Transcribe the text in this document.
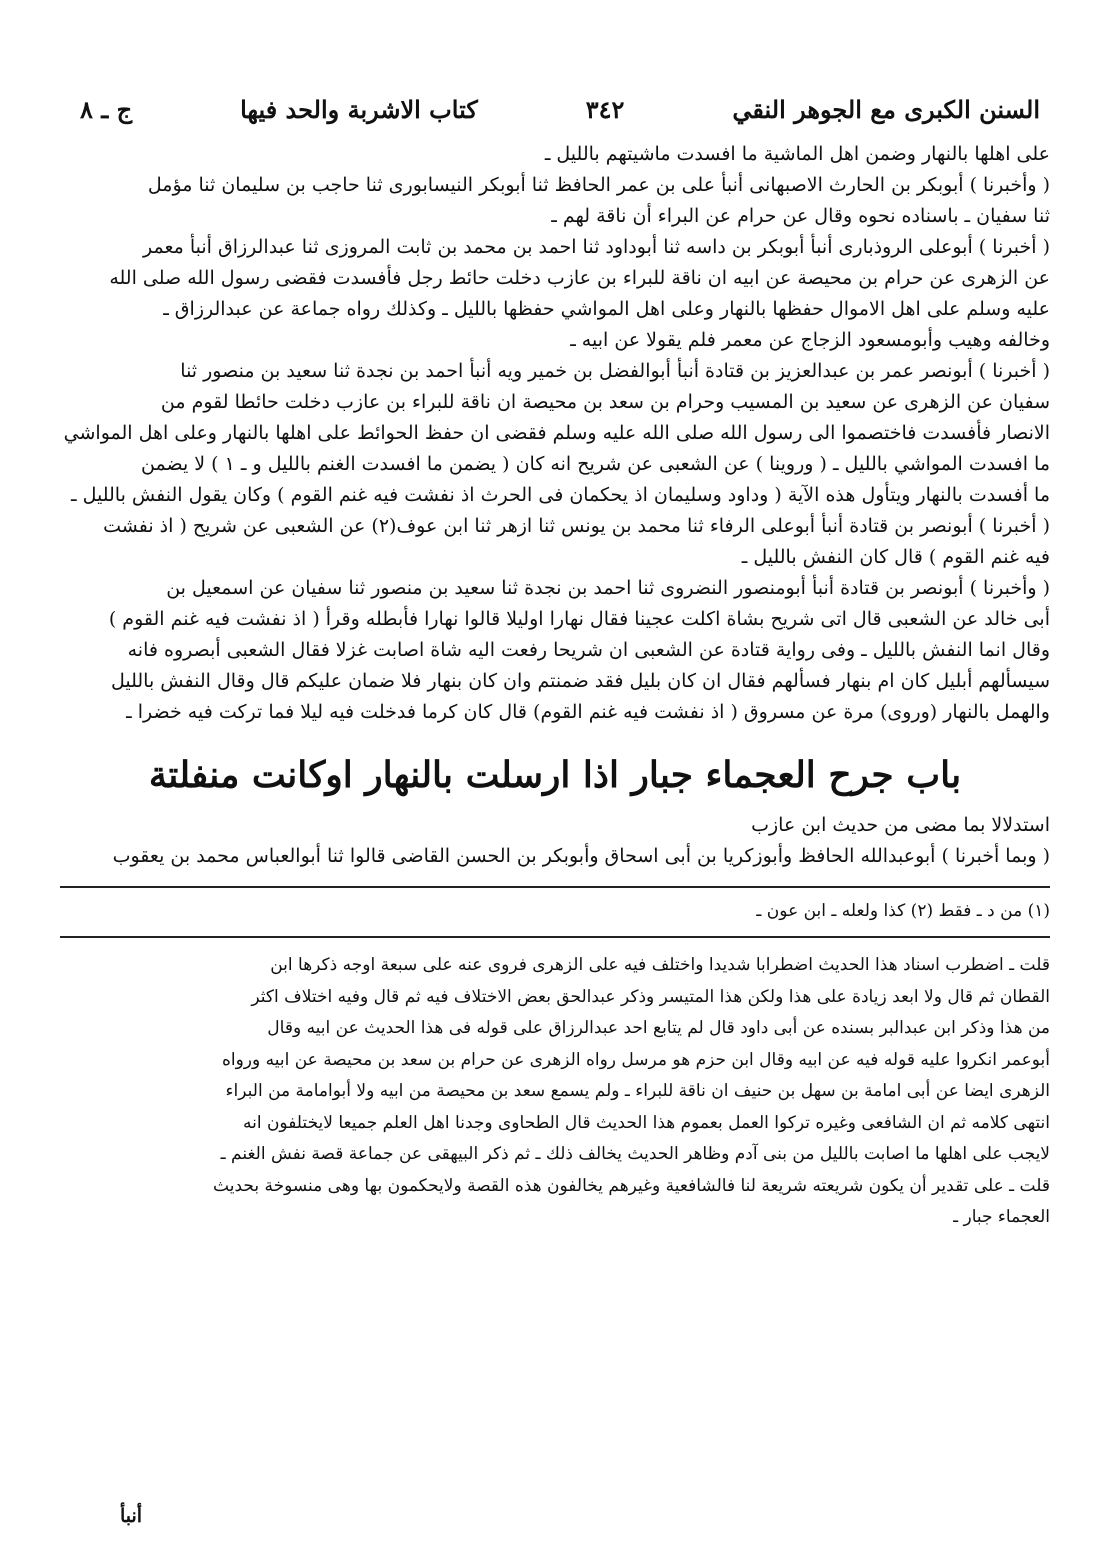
السنن الكبرى مع الجوهر النقي
٣٤٢
كتاب الاشربة والحد فيها
ج ـ ٨

على اهلها بالنهار وضمن اهل الماشية ما افسدت ماشيتهم بالليل ـ

( وأخبرنا ) أبوبكر بن الحارث الاصبهانى أنبأ على بن عمر الحافظ ثنا أبوبكر النيسابورى ثنا حاجب بن سليمان ثنا مؤمل

ثنا سفيان ـ باسناده نحوه وقال عن حرام عن البراء أن ناقة لهم ـ

( أخبرنا ) أبوعلى الروذبارى أنبأ أبوبكر بن داسه ثنا أبوداود ثنا احمد بن محمد بن ثابت المروزى ثنا عبدالرزاق أنبأ معمر

عن الزهرى عن حرام بن محيصة عن ابيه ان ناقة للبراء بن عازب دخلت حائط رجل فأفسدت فقضى رسول الله صلى الله

عليه وسلم على اهل الاموال حفظها بالنهار وعلى اهل المواشي حفظها بالليل ـ وكذلك رواه جماعة عن عبدالرزاق ـ

وخالفه وهيب وأبومسعود الزجاج عن معمر فلم يقولا عن ابيه ـ

( أخبرنا ) أبونصر عمر بن عبدالعزيز بن قتادة أنبأ أبوالفضل بن خمير ويه أنبأ احمد بن نجدة ثنا سعيد بن منصور ثنا

سفيان عن الزهرى عن سعيد بن المسيب وحرام بن سعد بن محيصة ان ناقة للبراء بن عازب دخلت حائطا لقوم من

الانصار فأفسدت فاختصموا الى رسول الله صلى الله عليه وسلم فقضى ان حفظ الحوائط على اهلها بالنهار وعلى اهل المواشي

ما افسدت المواشي بالليل ـ ( وروينا ) عن الشعبى عن شريح انه كان ( يضمن ما افسدت الغنم بالليل و ـ ١ ) لا يضمن

ما أفسدت بالنهار ويتأول هذه الآية ( وداود وسليمان اذ يحكمان فى الحرث اذ نفشت فيه غنم القوم ) وكان يقول النفش بالليل ـ

( أخبرنا ) أبونصر بن قتادة أنبأ أبوعلى الرفاء ثنا محمد بن يونس ثنا ازهر ثنا ابن عوف(٢) عن الشعبى عن شريح ( اذ نفشت

فيه غنم القوم ) قال كان النفش بالليل ـ

( وأخبرنا ) أبونصر بن قتادة أنبأ أبومنصور النضروى ثنا احمد بن نجدة ثنا سعيد بن منصور ثنا سفيان عن اسمعيل بن

أبى خالد عن الشعبى قال اتى شريح بشاة اكلت عجينا فقال نهارا اوليلا قالوا نهارا فأبطله وقرأ ( اذ نفشت فيه غنم القوم )

وقال انما النفش بالليل ـ وفى رواية قتادة عن الشعبى ان شريحا رفعت اليه شاة اصابت غزلا فقال الشعبى أبصروه فانه

سيسألهم أبليل كان ام بنهار فسألهم فقال ان كان بليل فقد ضمنتم وان كان بنهار فلا ضمان عليكم قال وقال النفش بالليل

والهمل بالنهار (وروى) مرة عن مسروق ( اذ نفشت فيه غنم القوم) قال كان كرما فدخلت فيه ليلا فما تركت فيه خضرا ـ

باب جرح العجماء جبار اذا ارسلت بالنهار اوكانت منفلتة

استدلالا بما مضى من حديث ابن عازب

( وبما أخبرنا ) أبوعبدالله الحافظ وأبوزكريا بن أبى اسحاق وأبوبكر بن الحسن القاضى قالوا ثنا أبوالعباس محمد بن يعقوب

(١) من د ـ فقط (٢) كذا ولعله ـ ابن عون ـ

قلت ـ اضطرب اسناد هذا الحديث اضطرابا شديدا واختلف فيه على الزهرى فروى عنه على سبعة اوجه ذكرها ابن

القطان ثم قال ولا ابعد زيادة على هذا ولكن هذا المتيسر وذكر عبدالحق بعض الاختلاف فيه ثم قال وفيه اختلاف اكثر

من هذا وذكر ابن عبدالبر بسنده عن أبى داود قال لم يتابع احد عبدالرزاق على قوله فى هذا الحديث عن ابيه وقال

أبوعمر انكروا عليه قوله فيه عن ابيه وقال ابن حزم هو مرسل رواه الزهرى عن حرام بن سعد بن محيصة عن ابيه ورواه

الزهرى ايضا عن أبى امامة بن سهل بن حنيف ان ناقة للبراء ـ ولم يسمع سعد بن محيصة من ابيه ولا أبوامامة من البراء

انتهى كلامه ثم ان الشافعى وغيره تركوا العمل بعموم هذا الحديث قال الطحاوى وجدنا اهل العلم جميعا لايختلفون انه

لايجب على اهلها ما اصابت بالليل من بنى آدم وظاهر الحديث يخالف ذلك ـ ثم ذكر البيهقى عن جماعة قصة نفش الغنم ـ

قلت ـ على تقدير أن يكون شريعته شريعة لنا فالشافعية وغيرهم يخالفون هذه القصة ولايحكمون بها وهى منسوخة بحديث

العجماء جبار ـ

أنبأ
